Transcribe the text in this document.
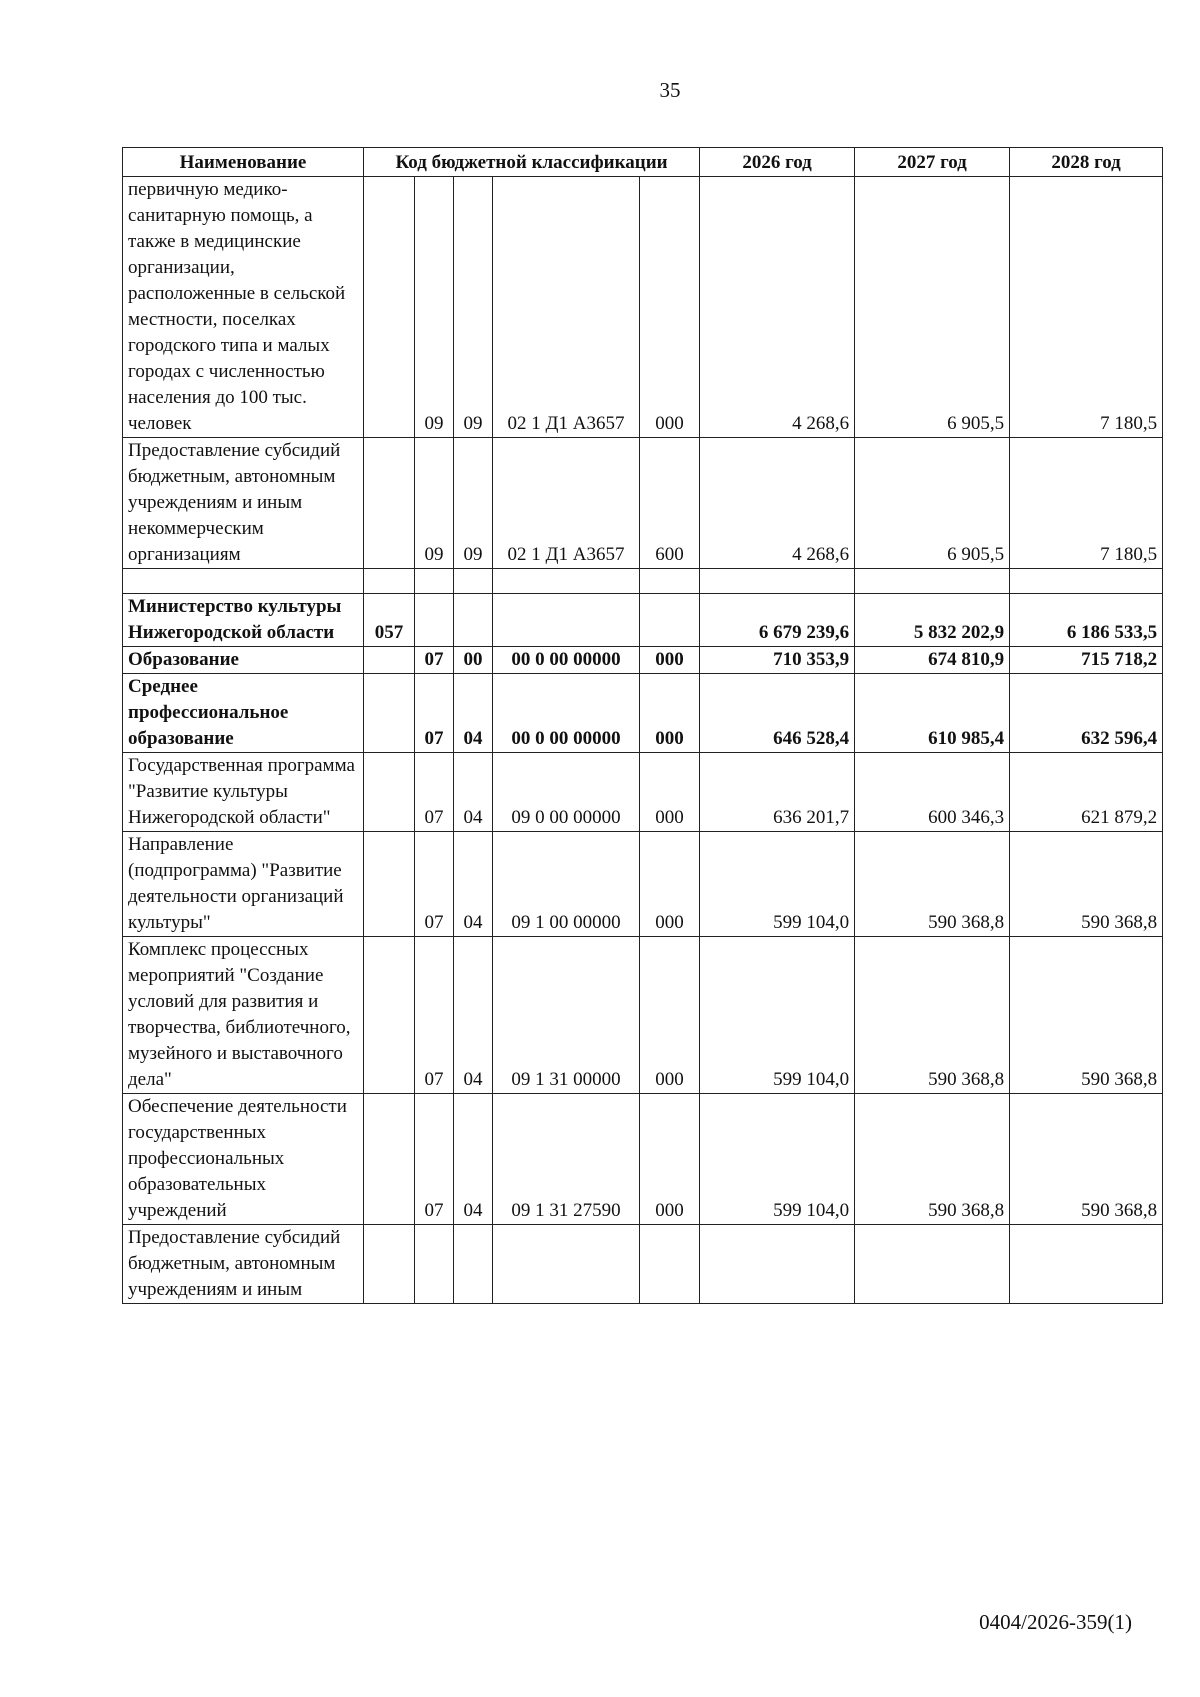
35
Наименование	Код бюджетной классификации					2026 год	2027 год	2028 год
первичную медико-санитарную помощь, а также в медицинские организации, расположенные в сельской местности, поселках городского типа и малых городах с численностью населения до 100 тыс. человек		09	09	02 1 Д1 А3657	000	4 268,6	6 905,5	7 180,5
Предоставление субсидий бюджетным, автономным учреждениям и иным некоммерческим организациям		09	09	02 1 Д1 А3657	600	4 268,6	6 905,5	7 180,5

Министерство культуры Нижегородской области	057					6 679 239,6	5 832 202,9	6 186 533,5
Образование		07	00	00 0 00 00000	000	710 353,9	674 810,9	715 718,2
Среднее профессиональное образование		07	04	00 0 00 00000	000	646 528,4	610 985,4	632 596,4
Государственная программа "Развитие культуры Нижегородской области"		07	04	09 0 00 00000	000	636 201,7	600 346,3	621 879,2
Направление (подпрограмма) "Развитие деятельности организаций культуры"		07	04	09 1 00 00000	000	599 104,0	590 368,8	590 368,8
Комплекс процессных мероприятий "Создание условий для развития и творчества, библиотечного, музейного и выставочного дела"		07	04	09 1 31 00000	000	599 104,0	590 368,8	590 368,8
Обеспечение деятельности государственных профессиональных образовательных учреждений		07	04	09 1 31 27590	000	599 104,0	590 368,8	590 368,8
Предоставление субсидий бюджетным, автономным учреждениям и иным								
0404/2026-359(1)
